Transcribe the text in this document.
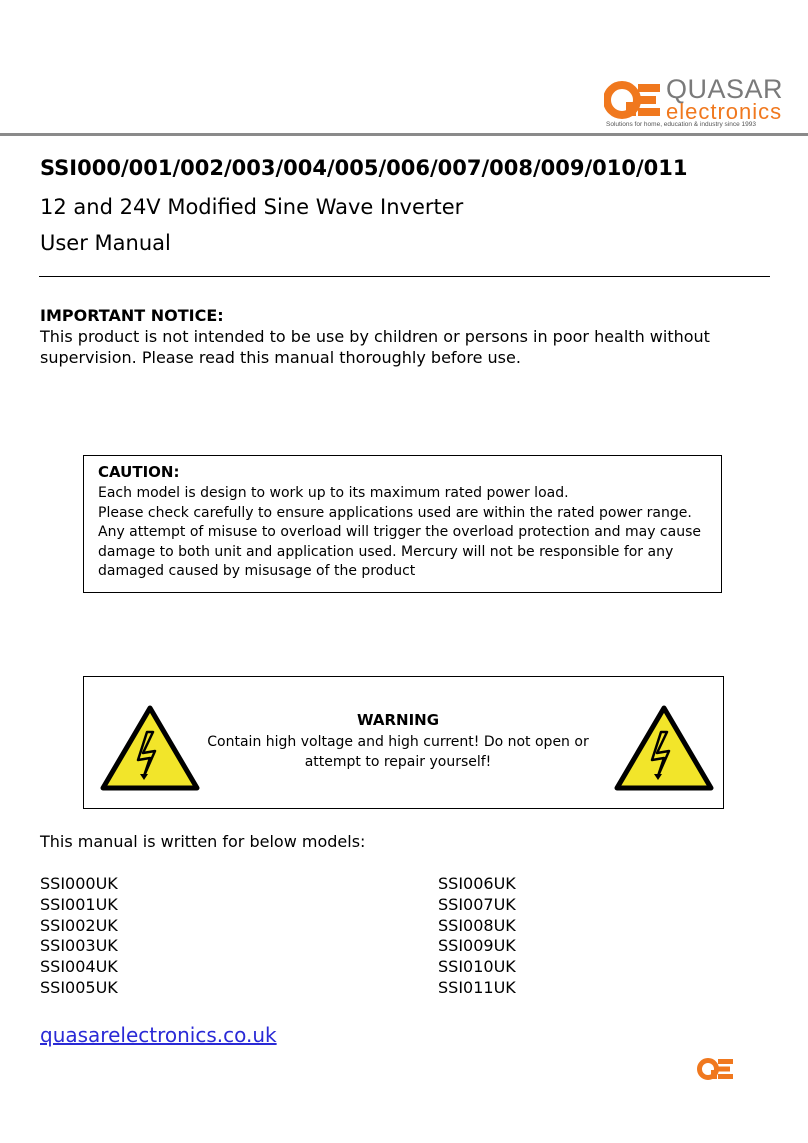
QUASAR
electronics
Solutions for home, education & industry since 1993
SSI000/001/002/003/004/005/006/007/008/009/010/011
12 and 24V Modified Sine Wave Inverter
User Manual
IMPORTANT NOTICE:
This product is not intended to be use by children or persons in poor health without
supervision. Please read this manual thoroughly before use.
CAUTION:
Each model is design to work up to its maximum rated power load.
Please check carefully to ensure applications used are within the rated power range.
Any attempt of misuse to overload will trigger the overload protection and may cause
damage to both unit and application used. Mercury will not be responsible for any
damaged caused by misusage of the product
WARNING
Contain high voltage and high current! Do not open or
attempt to repair yourself!
This manual is written for below models:
SSI000UK
SSI001UK
SSI002UK
SSI003UK
SSI004UK
SSI005UK
SSI006UK
SSI007UK
SSI008UK
SSI009UK
SSI010UK
SSI011UK
quasarelectronics.co.uk
